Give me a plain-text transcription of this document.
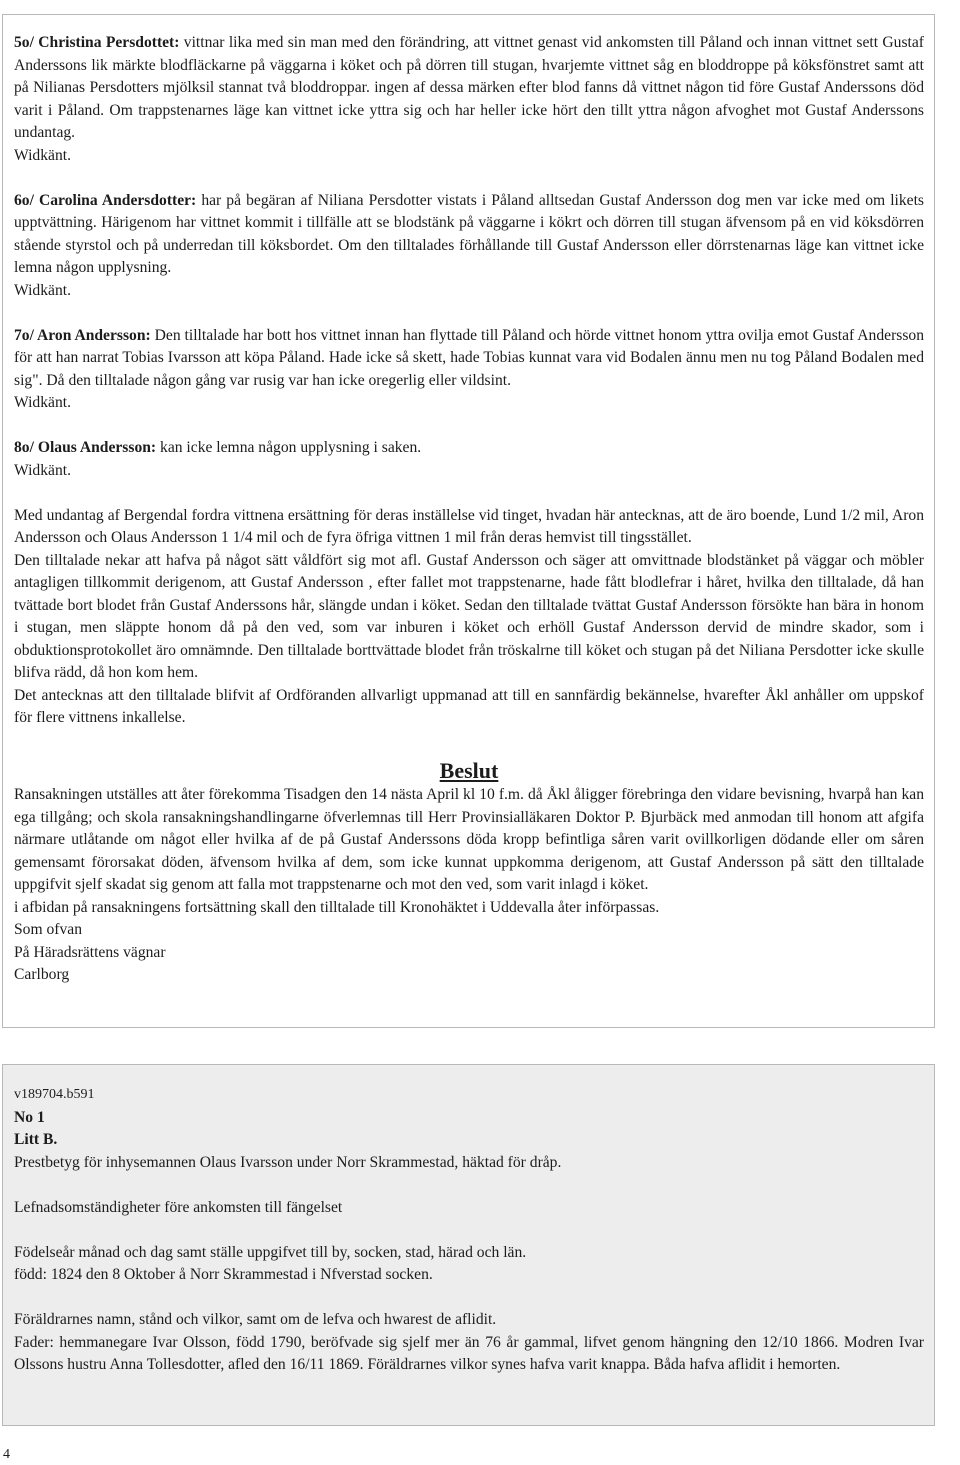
5o/ Christina Persdottet: vittnar lika med sin man med den förändring, att vittnet genast vid ankomsten till Påland och innan vittnet sett Gustaf Anderssons lik märkte blodfläckarne på väggarna i köket och på dörren till stugan, hvarjemte vittnet såg en bloddroppe på köksfönstret samt att på Nilianas Persdotters mjölksil stannat två bloddroppar. ingen af dessa märken efter blod fanns då vittnet någon tid före Gustaf Anderssons död varit i Påland. Om trappstenarnes läge kan vittnet icke yttra sig och har heller icke hört den tillt yttra någon afvoghet mot Gustaf Anderssons undantag.

Widkänt.

6o/ Carolina Andersdotter: har på begäran af Niliana Persdotter vistats i Påland alltsedan Gustaf Andersson dog men var icke med om likets upptvättning. Härigenom har vittnet kommit i tillfälle att se blodstänk på väggarne i kökrt och dörren till stugan äfvensom på en vid köksdörren stående styrstol och på underredan till köksbordet. Om den tilltalades förhållande till Gustaf Andersson eller dörrstenarnas läge kan vittnet icke lemna någon upplysning.

Widkänt.

7o/ Aron Andersson: Den tilltalade har bott hos vittnet innan han flyttade till Påland och hörde vittnet honom yttra ovilja emot Gustaf Andersson för att han narrat Tobias Ivarsson att köpa Påland. Hade icke så skett, hade Tobias kunnat vara vid Bodalen ännu men nu tog Påland Bodalen med sig". Då den tilltalade någon gång var rusig var han icke oregerlig eller vildsint.

Widkänt.

8o/ Olaus Andersson: kan icke lemna någon upplysning i saken.

Widkänt.

Med undantag af Bergendal fordra vittnena ersättning för deras inställelse vid tinget, hvadan här antecknas, att de äro boende, Lund 1/2 mil, Aron Andersson och Olaus Andersson 1 1/4 mil och de fyra öfriga vittnen 1 mil från deras hemvist till tingsstället.

Den tilltalade nekar att hafva på något sätt våldfört sig mot afl. Gustaf Andersson och säger att omvittnade blodstänket på väggar och möbler antagligen tillkommit derigenom, att Gustaf Andersson , efter fallet mot trappstenarne, hade fått blodlefrar i håret, hvilka den tilltalade, då han tvättade bort blodet från Gustaf Anderssons hår, slängde undan i köket. Sedan den tilltalade tvättat Gustaf Andersson försökte han bära in honom i stugan, men släppte honom då på den ved, som var inburen i köket och erhöll Gustaf Andersson dervid de mindre skador, som i obduktionsprotokollet äro omnämnde. Den tilltalade borttvättade blodet från tröskalrne till köket och stugan på det Niliana Persdotter icke skulle blifva rädd, då hon kom hem.

Det antecknas att den tilltalade blifvit af Ordföranden allvarligt uppmanad att till en sannfärdig bekännelse, hvarefter Åkl anhåller om uppskof för flere vittnens inkallelse.

Beslut

Ransakningen utställes att åter förekomma Tisadgen den 14 nästa April kl 10 f.m. då Åkl åligger förebringa den vidare bevisning, hvarpå han kan ega tillgång; och skola ransakningshandlingarne öfverlemnas till Herr Provinsialläkaren Doktor P. Bjurbäck med anmodan till honom att afgifa närmare utlåtande om något eller hvilka af de på Gustaf Anderssons döda kropp befintliga såren varit ovillkorligen dödande eller om såren gemensamt förorsakat döden, äfvensom hvilka af dem, som icke kunnat uppkomma derigenom, att Gustaf Andersson på sätt den tilltalade uppgifvit sjelf skadat sig genom att falla mot trappstenarne och mot den ved, som varit inlagd i köket.

i afbidan på ransakningens fortsättning skall den tilltalade till Kronohäktet i Uddevalla åter införpassas.

Som ofvan

På Häradsrättens vägnar

Carlborg

v189704.b591

No 1

Litt B.

Prestbetyg för inhysemannen Olaus Ivarsson under Norr Skrammestad, häktad för dråp.

Lefnadsomständigheter före ankomsten till fängelset

Födelseår månad och dag samt ställe uppgifvet till by, socken, stad, härad och län.

född: 1824 den 8 Oktober å Norr Skrammestad i Nfverstad socken.

Föräldrarnes namn, stånd och vilkor, samt om de lefva och hwarest de aflidit.

Fader: hemmanegare Ivar Olsson, född 1790, beröfvade sig sjelf mer än 76 år gammal, lifvet genom hängning den 12/10 1866. Modren Ivar Olssons hustru Anna Tollesdotter, afled den 16/11 1869. Föräldrarnes vilkor synes hafva varit knappa. Båda hafva aflidit i hemorten.

4
